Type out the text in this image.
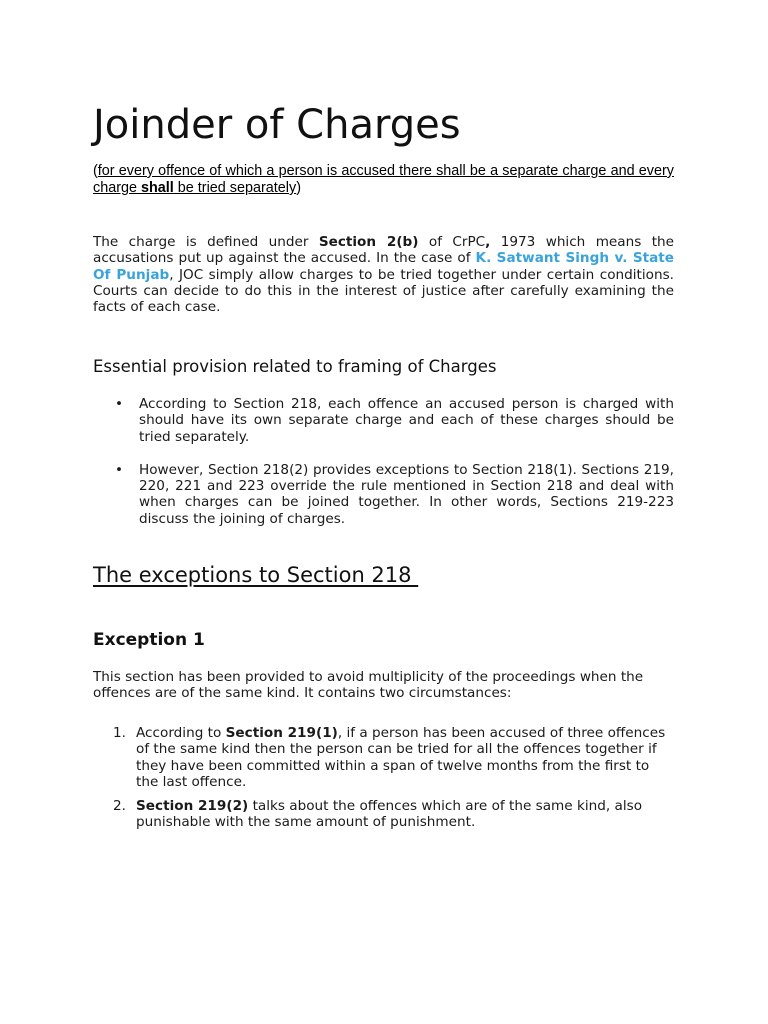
Joinder of Charges

(for every offence of which a person is accused there shall be a separate charge and every charge shall be tried separately)

The charge is defined under Section 2(b) of CrPC, 1973 which means the accusations put up against the accused. In the case of K. Satwant Singh v. State Of Punjab, JOC simply allow charges to be tried together under certain conditions. Courts can decide to do this in the interest of justice after carefully examining the facts of each case.

Essential provision related to framing of Charges
• According to Section 218, each offence an accused person is charged with should have its own separate charge and each of these charges should be tried separately.
• However, Section 218(2) provides exceptions to Section 218(1). Sections 219, 220, 221 and 223 override the rule mentioned in Section 218 and deal with when charges can be joined together. In other words, Sections 219-223 discuss the joining of charges.
The exceptions to Section 218
Exception 1

This section has been provided to avoid multiplicity of the proceedings when the offences are of the same kind. It contains two circumstances:

1. According to Section 219(1), if a person has been accused of three offences of the same kind then the person can be tried for all the offences together if they have been committed within a span of twelve months from the first to the last offence.
2. Section 219(2) talks about the offences which are of the same kind, also punishable with the same amount of punishment.
